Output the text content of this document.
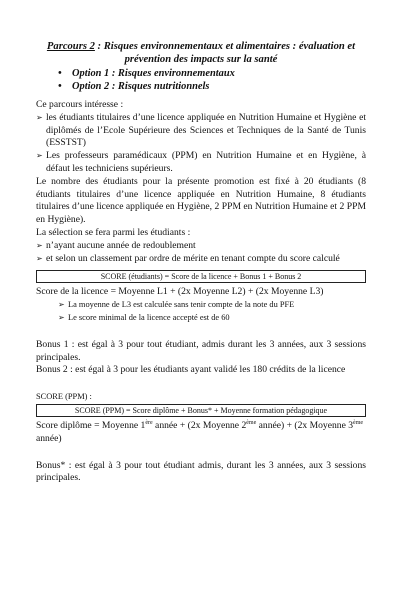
Parcours 2 : Risques environnementaux et alimentaires : évaluation et prévention des impacts sur la santé
• Option 1 : Risques environnementaux
• Option 2 : Risques nutritionnels

Ce parcours intéresse :

➢ les étudiants titulaires d’une licence appliquée en Nutrition Humaine et Hygiène et diplômés de l’Ecole Supérieure des Sciences et Techniques de la Santé de Tunis (ESSTST)

➢ Les professeurs paramédicaux (PPM) en Nutrition Humaine et en Hygiène, à défaut les techniciens supérieurs.

Le nombre des étudiants pour la présente promotion est fixé à 20 étudiants (8 étudiants titulaires d’une licence appliquée en Nutrition Humaine, 8 étudiants titulaires d’une licence appliquée en Hygiène, 2 PPM en Nutrition Humaine et 2 PPM en Hygiène).

La sélection se fera parmi les étudiants :

➢ n’ayant aucune année de redoublement

➢ et selon un classement par ordre de mérite en tenant compte du score calculé

SCORE (étudiants) = Score de la licence + Bonus 1 + Bonus 2

Score de la licence = Moyenne L1 + (2x Moyenne L2) + (2x Moyenne L3)

➢ La moyenne de L3 est calculée sans tenir compte de la note du PFE

➢ Le score minimal de la licence accepté est de 60

Bonus 1 : est égal à 3 pour tout étudiant, admis durant les 3 années, aux 3 sessions principales.

Bonus 2 : est égal à 3 pour les étudiants ayant validé les 180 crédits de la licence

SCORE (PPM) :

SCORE (PPM) = Score diplôme + Bonus* + Moyenne formation pédagogique

Score diplôme = Moyenne 1ère année + (2x Moyenne 2ème année) + (2x Moyenne 3ème année)

Bonus* : est égal à 3 pour tout étudiant admis, durant les 3 années, aux 3 sessions principales.
